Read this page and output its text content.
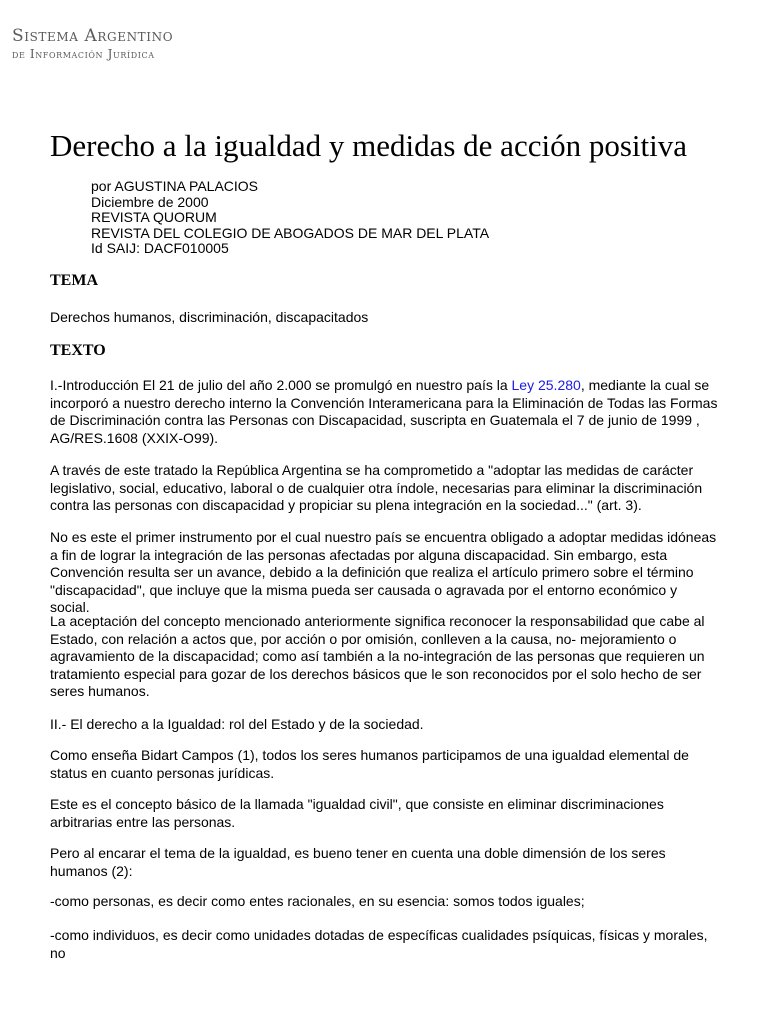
Sistema Argentino
de Información Jurídica
Derecho a la igualdad y medidas de acción positiva
por AGUSTINA PALACIOS
Diciembre de 2000
REVISTA QUORUM
REVISTA DEL COLEGIO DE ABOGADOS DE MAR DEL PLATA
Id SAIJ: DACF010005
TEMA

Derechos humanos, discriminación, discapacitados

TEXTO

I.-Introducción El 21 de julio del año 2.000 se promulgó en nuestro país la Ley 25.280, mediante la cual se incorporó a nuestro derecho interno la Convención Interamericana para la Eliminación de Todas las Formas de Discriminación contra las Personas con Discapacidad, suscripta en Guatemala el 7 de junio de 1999 , AG/RES.1608 (XXIX-O99).

A través de este tratado la República Argentina se ha comprometido a "adoptar las medidas de carácter legislativo, social, educativo, laboral o de cualquier otra índole, necesarias para eliminar la discriminación contra las personas con discapacidad y propiciar su plena integración en la sociedad..." (art. 3).

No es este el primer instrumento por el cual nuestro país se encuentra obligado a adoptar medidas idóneas a fin de lograr la integración de las personas afectadas por alguna discapacidad. Sin embargo, esta Convención resulta ser un avance, debido a la definición que realiza el artículo primero sobre el término "discapacidad", que incluye que la misma pueda ser causada o agravada por el entorno económico y social.

La aceptación del concepto mencionado anteriormente significa reconocer la responsabilidad que cabe al Estado, con relación a actos que, por acción o por omisión, conlleven a la causa, no- mejoramiento o agravamiento de la discapacidad; como así también a la no-integración de las personas que requieren un tratamiento especial para gozar de los derechos básicos que le son reconocidos por el solo hecho de ser seres humanos.

II.- El derecho a la Igualdad: rol del Estado y de la sociedad.

Como enseña Bidart Campos (1), todos los seres humanos participamos de una igualdad elemental de status en cuanto personas jurídicas.

Este es el concepto básico de la llamada "igualdad civil", que consiste en eliminar discriminaciones arbitrarias entre las personas.

Pero al encarar el tema de la igualdad, es bueno tener en cuenta una doble dimensión de los seres humanos (2):

-como personas, es decir como entes racionales, en su esencia: somos todos iguales;

-como individuos, es decir como unidades dotadas de específicas cualidades psíquicas, físicas y morales, no
